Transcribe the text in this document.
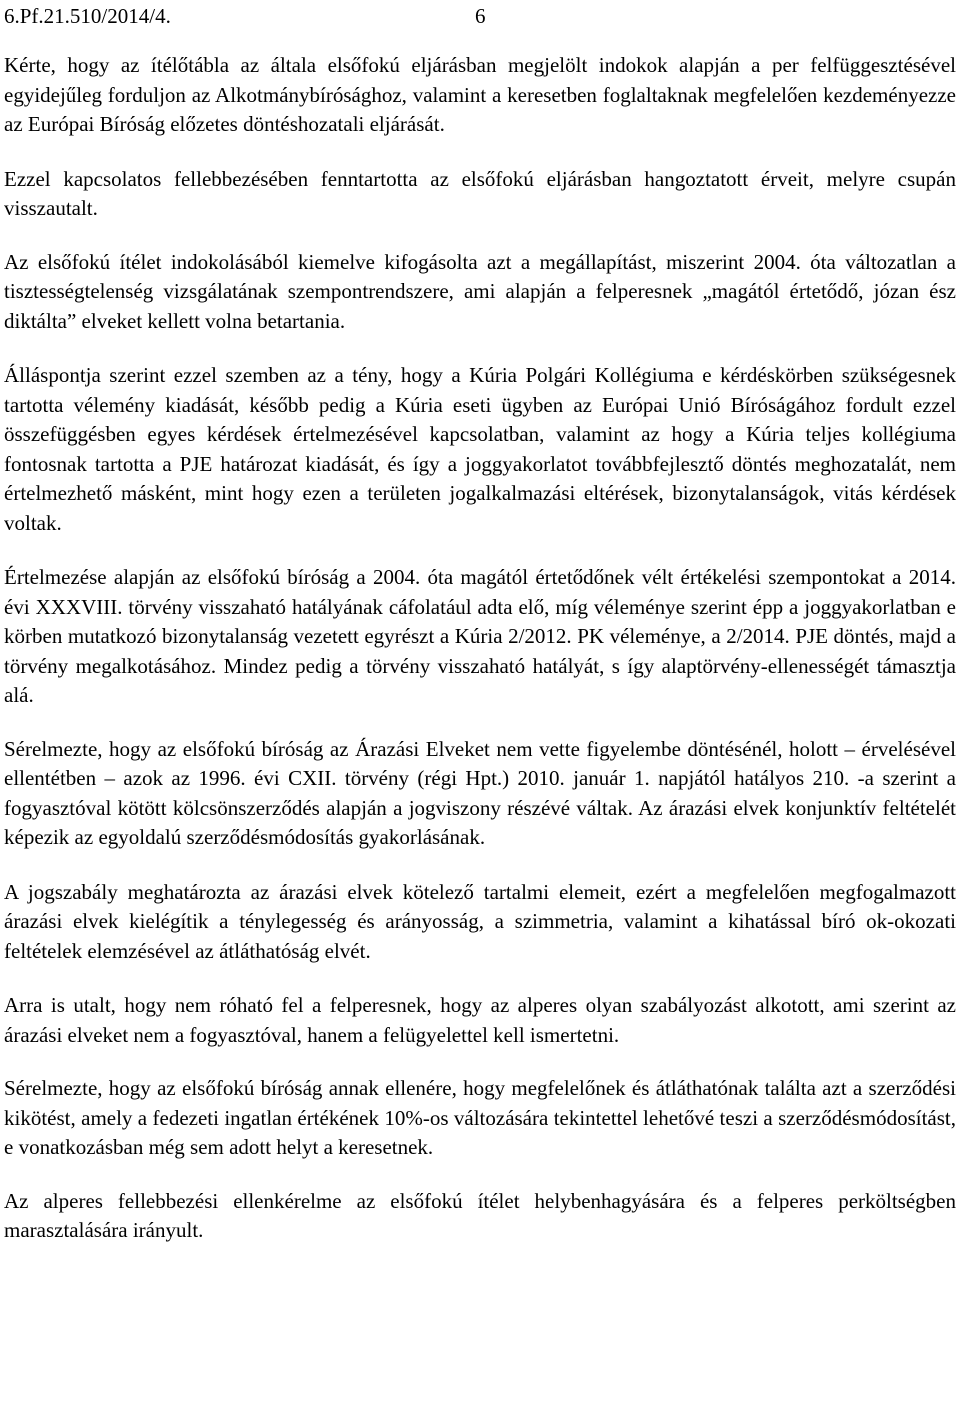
6.Pf.21.510/2014/4.	6

Kérte, hogy az ítélőtábla az általa elsőfokú eljárásban megjelölt indokok alapján a per felfüggesztésével egyidejűleg forduljon az Alkotmánybírósághoz, valamint a keresetben foglaltaknak megfelelően kezdeményezze az Európai Bíróság előzetes döntéshozatali eljárását.

Ezzel kapcsolatos fellebbezésében fenntartotta az elsőfokú eljárásban hangoztatott érveit, melyre csupán visszautalt.

Az elsőfokú ítélet indokolásából kiemelve kifogásolta azt a megállapítást, miszerint 2004. óta változatlan a tisztességtelenség vizsgálatának szempontrendszere, ami alapján a felperesnek „magától értetődő, józan ész diktálta” elveket kellett volna betartania.

Álláspontja szerint ezzel szemben az a tény, hogy a Kúria Polgári Kollégiuma e kérdéskörben szükségesnek tartotta vélemény kiadását, később pedig a Kúria eseti ügyben az Európai Unió Bíróságához fordult ezzel összefüggésben egyes kérdések értelmezésével kapcsolatban, valamint az hogy a Kúria teljes kollégiuma fontosnak tartotta a PJE határozat kiadását, és így a joggyakorlatot továbbfejlesztő döntés meghozatalát, nem értelmezhető másként, mint hogy ezen a területen jogalkalmazási eltérések, bizonytalanságok, vitás kérdések voltak.

Értelmezése alapján az elsőfokú bíróság a 2004. óta magától értetődőnek vélt értékelési szempontokat a 2014. évi XXXVIII. törvény visszaható hatályának cáfolatául adta elő, míg véleménye szerint épp a joggyakorlatban e körben mutatkozó bizonytalanság vezetett egyrészt a Kúria 2/2012. PK véleménye, a 2/2014. PJE döntés, majd a törvény megalkotásához. Mindez pedig a törvény visszaható hatályát, s így alaptörvény-ellenességét támasztja alá.

Sérelmezte, hogy az elsőfokú bíróság az Árazási Elveket nem vette figyelembe döntésénél, holott – érvelésével ellentétben – azok az 1996. évi CXII. törvény (régi Hpt.) 2010. január 1. napjától hatályos 210. -a szerint a fogyasztóval kötött kölcsönszerződés alapján a jogviszony részévé váltak. Az árazási elvek konjunktív feltételét képezik az egyoldalú szerződésmódosítás gyakorlásának.

A jogszabály meghatározta az árazási elvek kötelező tartalmi elemeit, ezért a megfelelően megfogalmazott árazási elvek kielégítik a ténylegesség és arányosság, a szimmetria, valamint a kihatással bíró ok-okozati feltételek elemzésével az átláthatóság elvét.

Arra is utalt, hogy nem róható fel a felperesnek, hogy az alperes olyan szabályozást alkotott, ami szerint az árazási elveket nem a fogyasztóval, hanem a felügyelettel kell ismertetni.

Sérelmezte, hogy az elsőfokú bíróság annak ellenére, hogy megfelelőnek és átláthatónak találta azt a szerződési kikötést, amely a fedezeti ingatlan értékének 10%-os változására tekintettel lehetővé teszi a szerződésmódosítást, e vonatkozásban még sem adott helyt a keresetnek.

Az alperes fellebbezési ellenkérelme az elsőfokú ítélet helybenhagyására és a felperes perköltségben marasztalására irányult.
